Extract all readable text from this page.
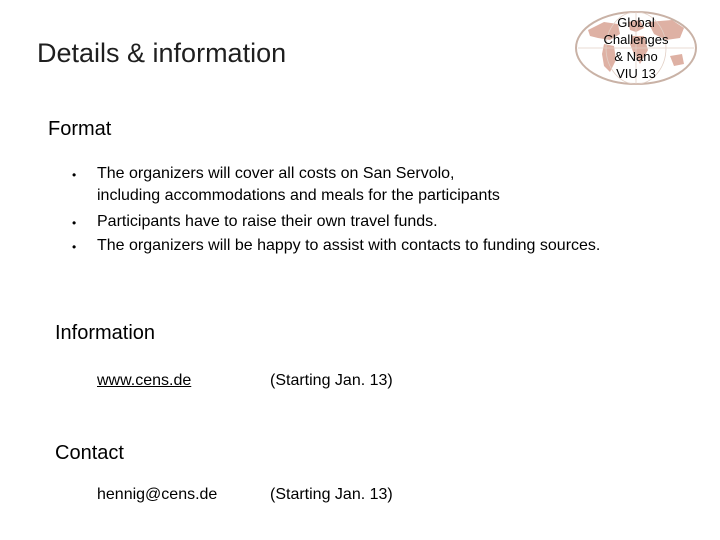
Details & information
Global
Challenges
& Nano
VIU 13
Format
• The organizers will cover all costs on San Servolo,
including accommodations and meals for the participants
• Participants have to raise their own travel funds.
• The organizers will be happy to assist with contacts to funding sources.
Information
www.cens.de	(Starting Jan. 13)
Contact
hennig@cens.de	(Starting Jan. 13)
